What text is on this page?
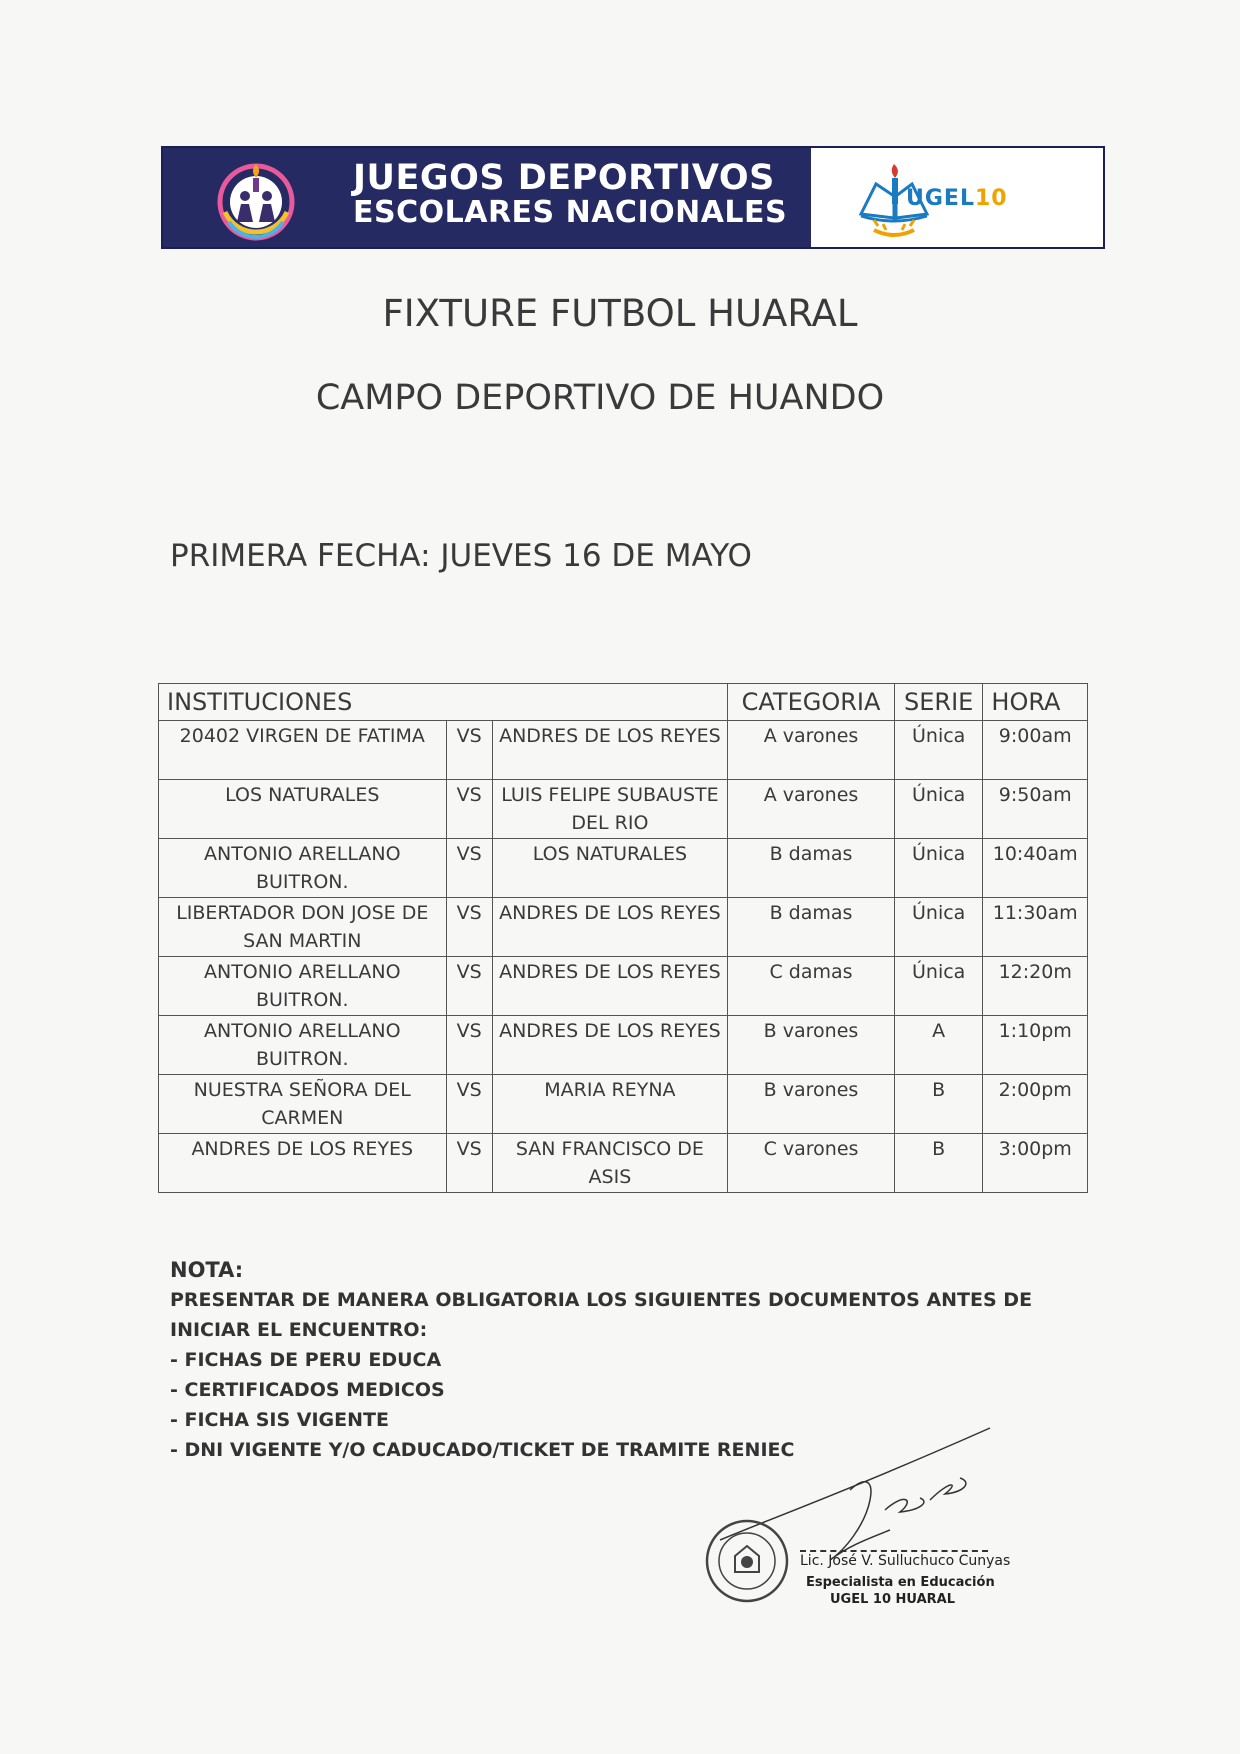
JUEGOS DEPORTIVOS
ESCOLARES NACIONALES	UGEL10
FIXTURE FUTBOL HUARAL
CAMPO DEPORTIVO DE HUANDO
PRIMERA FECHA: JUEVES 16 DE MAYO
INSTITUCIONES			CATEGORIA	SERIE	HORA
20402 VIRGEN DE FATIMA	VS	ANDRES DE LOS REYES	A varones	Única	9:00am
LOS NATURALES	VS	LUIS FELIPE SUBAUSTE DEL RIO	A varones	Única	9:50am
ANTONIO ARELLANO BUITRON.	VS	LOS NATURALES	B damas	Única	10:40am
LIBERTADOR DON JOSE DE SAN MARTIN	VS	ANDRES DE LOS REYES	B damas	Única	11:30am
ANTONIO ARELLANO BUITRON.	VS	ANDRES DE LOS REYES	C damas	Única	12:20m
ANTONIO ARELLANO BUITRON.	VS	ANDRES DE LOS REYES	B varones	A	1:10pm
NUESTRA SEÑORA DEL CARMEN	VS	MARIA REYNA	B varones	B	2:00pm
ANDRES DE LOS REYES	VS	SAN FRANCISCO DE ASIS	C varones	B	3:00pm
NOTA:
PRESENTAR DE MANERA OBLIGATORIA LOS SIGUIENTES DOCUMENTOS ANTES DE INICIAR EL ENCUENTRO:
- FICHAS DE PERU EDUCA
- CERTIFICADOS MEDICOS
- FICHA SIS VIGENTE
- DNI VIGENTE Y/O CADUCADO/TICKET DE TRAMITE RENIEC
Lic. José V. Sulluchuco Cunyas
Especialista en Educación
UGEL 10 HUARAL
